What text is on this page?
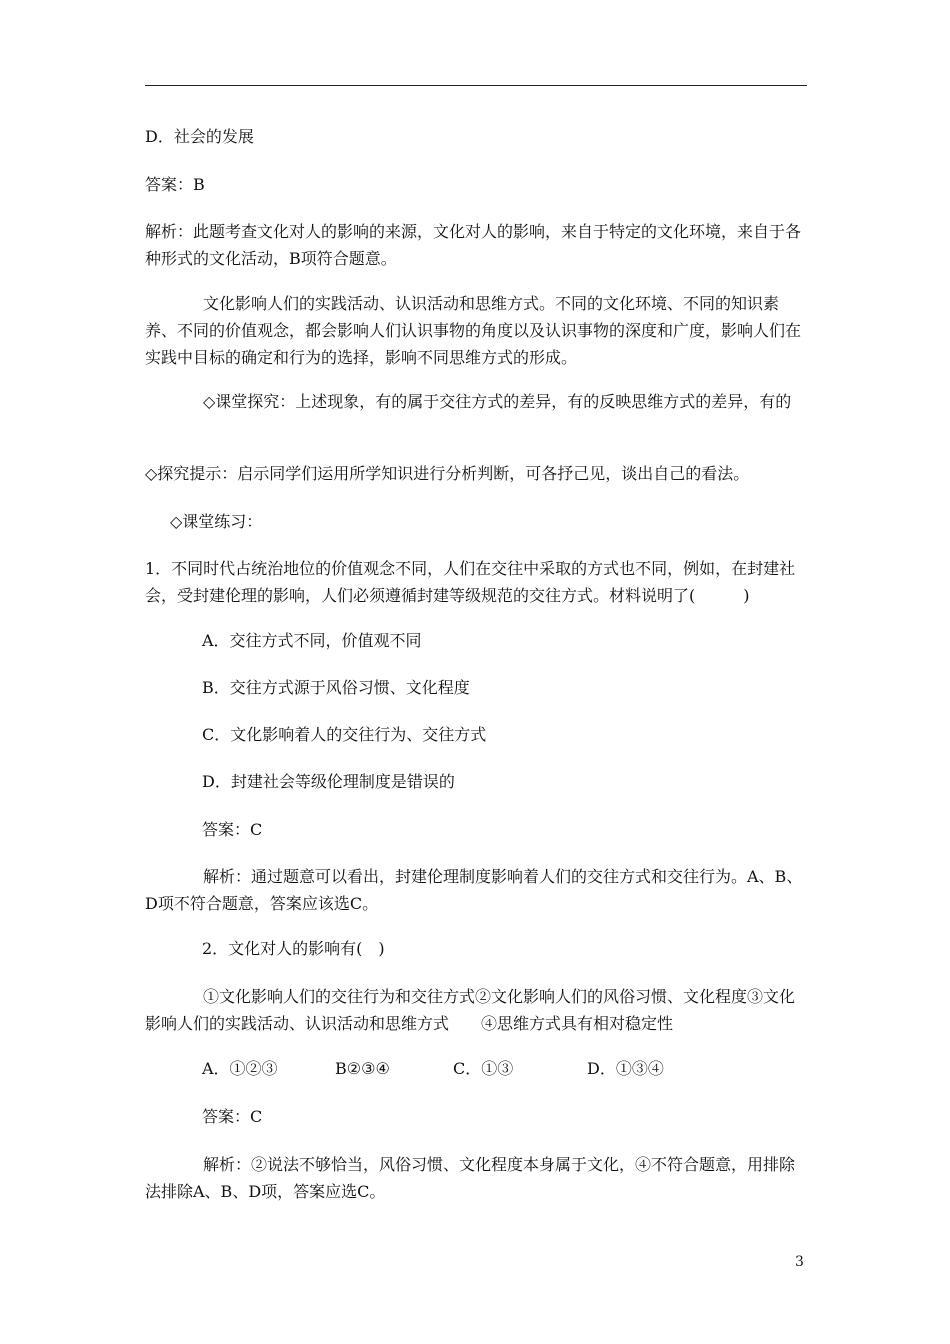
D．社会的发展
答案：B
解析：此题考查文化对人的影响的来源，文化对人的影响，来自于特定的文化环境，来自于各种形式的文化活动，B项符合题意。
文化影响人们的实践活动、认识活动和思维方式。不同的文化环境、不同的知识素养、不同的价值观念，都会影响人们认识事物的角度以及认识事物的深度和广度，影响人们在实践中目标的确定和行为的选择，影响不同思维方式的形成。
◇课堂探究：上述现象，有的属于交往方式的差异，有的反映思维方式的差异，有的
◇探究提示：启示同学们运用所学知识进行分析判断，可各抒己见，谈出自己的看法。
◇课堂练习：
1．不同时代占统治地位的价值观念不同，人们在交往中采取的方式也不同，例如，在封建社会，受封建伦理的影响，人们必须遵循封建等级规范的交往方式。材料说明了(　　　)
A．交往方式不同，价值观不同
B．交往方式源于风俗习惯、文化程度
C．文化影响着人的交往行为、交往方式
D．封建社会等级伦理制度是错误的
答案：C
解析：通过题意可以看出，封建伦理制度影响着人们的交往方式和交往行为。A、B、D项不符合题意，答案应该选C。
2．文化对人的影响有(　)
①文化影响人们的交往行为和交往方式②文化影响人们的风俗习惯、文化程度③文化影响人们的实践活动、认识活动和思维方式　　④思维方式具有相对稳定性
A．①②③	B②③④	C．①③	D．①③④
答案：C
解析：②说法不够恰当，风俗习惯、文化程度本身属于文化，④不符合题意，用排除法排除A、B、D项，答案应选C。
3
